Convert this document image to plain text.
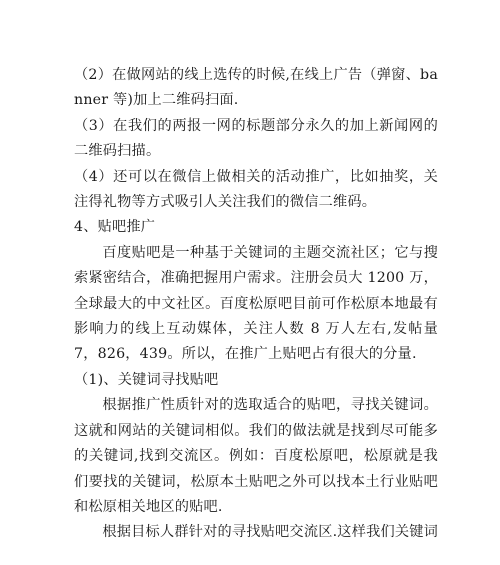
（2）在做网站的线上选传的时候,在线上广告（弹窗、banner 等)加上二维码扫面.

（3）在我们的两报一网的标题部分永久的加上新闻网的二维码扫描。

（4）还可以在微信上做相关的活动推广，比如抽奖，关注得礼物等方式吸引人关注我们的微信二维码。

4、贴吧推广

百度贴吧是一种基于关键词的主题交流社区；它与搜索紧密结合，准确把握用户需求。注册会员大 1200 万，全球最大的中文社区。百度松原吧目前可作松原本地最有影响力的线上互动媒体，关注人数 8 万人左右,发帖量 7，826，439。所以，在推广上贴吧占有很大的分量.

（1)、关键词寻找贴吧

根据推广性质针对的选取适合的贴吧，寻找关键词。这就和网站的关键词相似。我们的做法就是找到尽可能多的关键词,找到交流区。例如：百度松原吧，松原就是我们要找的关键词，松原本土贴吧之外可以找本土行业贴吧和松原相关地区的贴吧.

根据目标人群针对的寻找贴吧交流区.这样我们关键词
